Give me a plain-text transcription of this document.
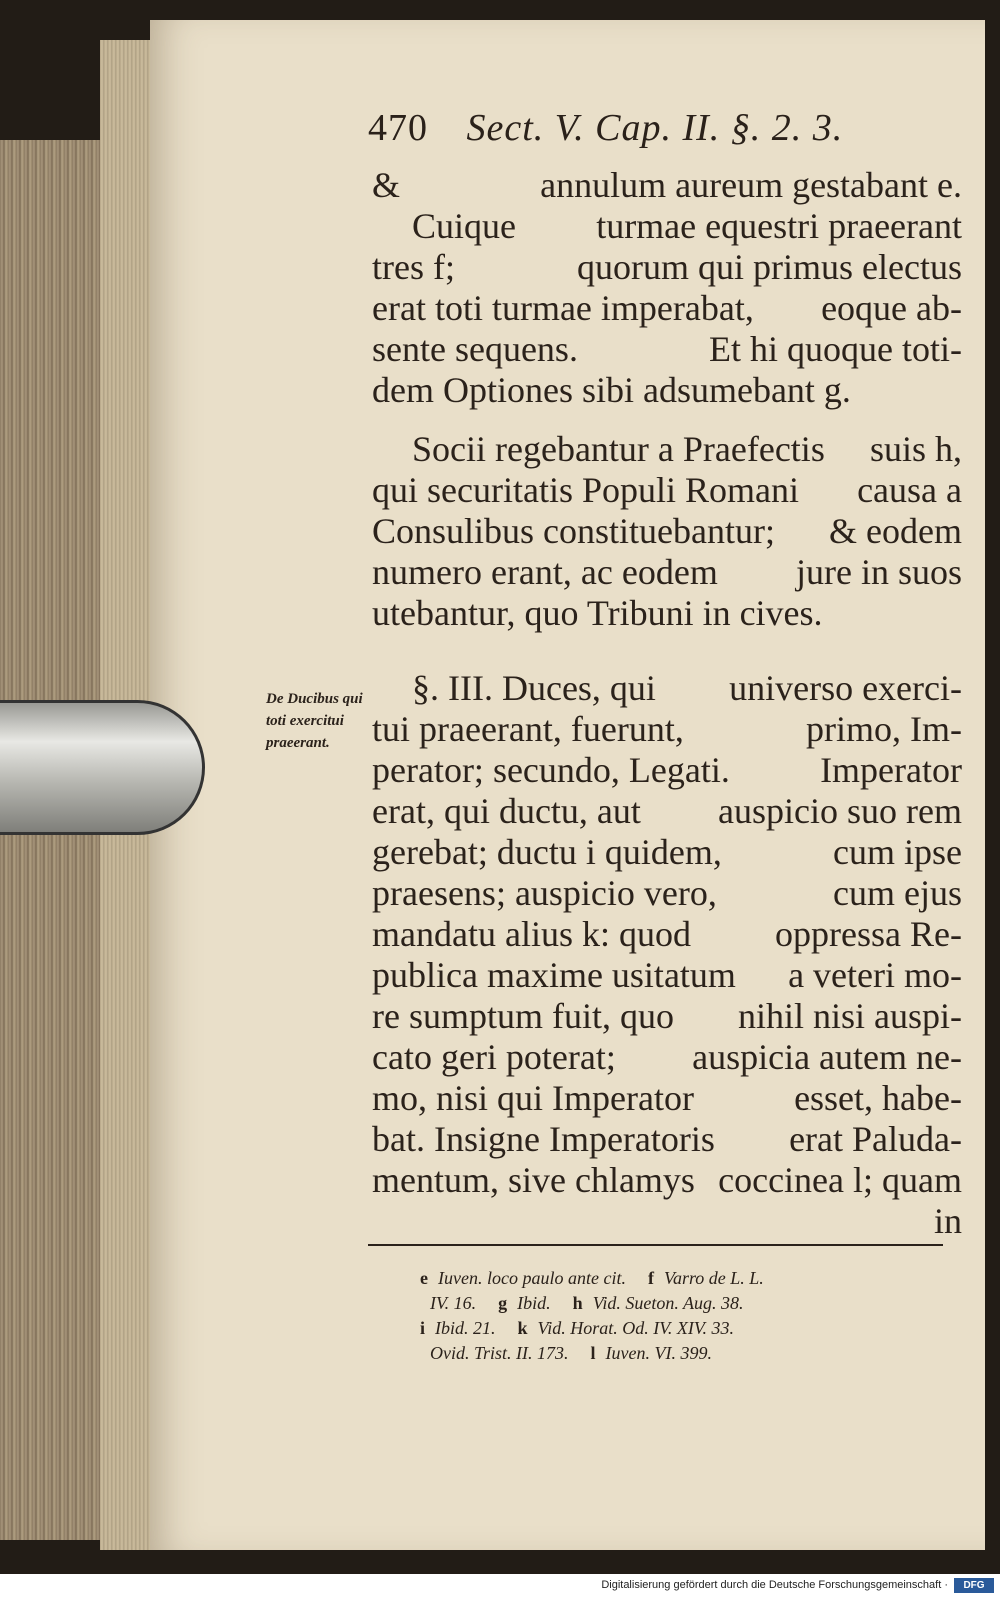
470 Sect. V. Cap. II. §. 2. 3.
&	annulum aureum gestabant e.
Cuique turmae equestri praeerant
tres f;	quorum qui primus electus
erat toti turmae imperabat, eoque ab-
sente sequens.	Et hi quoque toti-
dem Optiones sibi adsumebant g.
Socii regebantur a Praefectis suis h,
qui securitatis Populi Romani causa a
Consulibus constituebantur; & eodem
numero erant, ac eodem jure in suos
utebantur, quo Tribuni in cives.
§. III. Duces, qui universo exerci-
tui praeerant, fuerunt,	primo, Im-
perator; secundo, Legati.	Imperator
erat, qui ductu, aut auspicio suo rem
gerebat; ductu i quidem,	cum ipse
praesens; auspicio vero,	cum ejus
mandatu alius k: quod oppressa Re-
publica maxime usitatum a veteri mo-
re sumptum fuit, quo nihil nisi auspi-
cato geri poterat; auspicia autem ne-
mo, nisi qui Imperator	esset, habe-
bat. Insigne Imperatoris erat Paluda-
mentum, sive chlamys coccinea l; quam
in
De Ducibus qui toti exercitui praeerant.
e Iuven. loco paulo ante cit. f Varro de L. L.
IV. 16. g Ibid. h Vid. Sueton. Aug. 38.
i Ibid. 21. k Vid. Horat. Od. IV. XIV. 33.
Ovid. Trist. II. 173. l Iuven. VI. 399.
Digitalisierung gefördert durch die Deutsche Forschungsgemeinschaft ·	DFG
